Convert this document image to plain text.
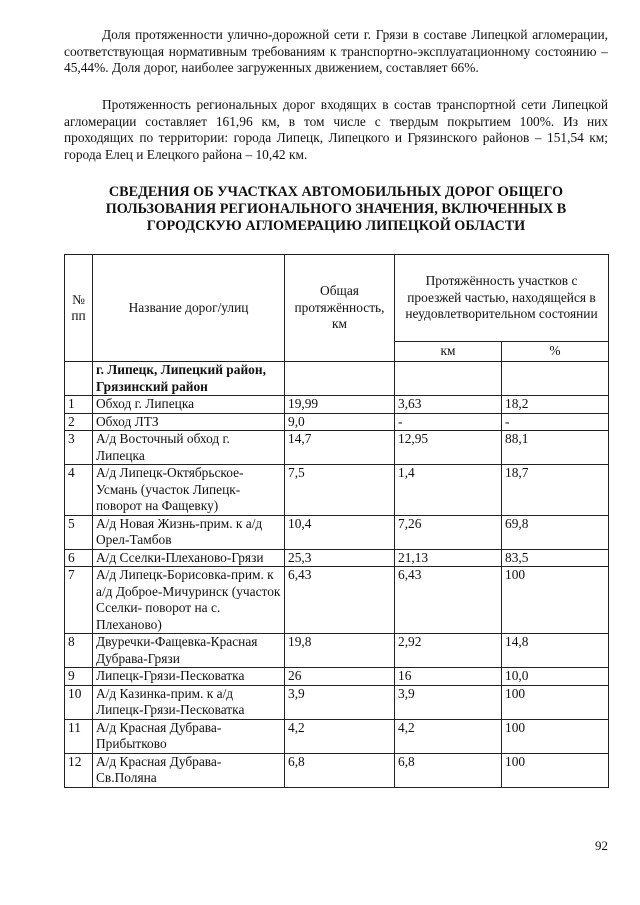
Доля протяженности улично-дорожной сети г. Грязи в составе Липецкой агломерации, соответствующая нормативным требованиям к транспортно-эксплуатационному состоянию – 45,44%. Доля дорог, наиболее загруженных движением, составляет 66%.

Протяженность региональных дорог входящих в состав транспортной сети Липецкой агломерации составляет 161,96 км, в том числе с твердым покрытием 100%. Из них проходящих по территории: города Липецк, Липецкого и Грязинского районов – 151,54 км; города Елец и Елецкого района – 10,42 км.

СВЕДЕНИЯ ОБ УЧАСТКАХ АВТОМОБИЛЬНЫХ ДОРОГ ОБЩЕГО ПОЛЬЗОВАНИЯ РЕГИОНАЛЬНОГО ЗНАЧЕНИЯ, ВКЛЮЧЕННЫХ В ГОРОДСКУЮ АГЛОМЕРАЦИЮ ЛИПЕЦКОЙ ОБЛАСТИ
№ пп	Название дорог/улиц	Общая протяжённость, км	Протяжённость участков с проезжей частью, находящейся в неудовлетворительном состоянии	
			км	%
	г. Липецк, Липецкий район, Грязинский район			
1	Обход г. Липецка	19,99	3,63	18,2
2	Обход ЛТЗ	9,0	-	-
3	А/д Восточный обход г. Липецка	14,7	12,95	88,1
4	А/д Липецк-Октябрьское-Усмань (участок Липецк-поворот на Фащевку)	7,5	1,4	18,7
5	А/д Новая Жизнь-прим. к а/д Орел-Тамбов	10,4	7,26	69,8
6	А/д Сселки-Плеханово-Грязи	25,3	21,13	83,5
7	А/д Липецк-Борисовка-прим. к а/д Доброе-Мичуринск (участок Сселки- поворот на с. Плеханово)	6,43	6,43	100
8	Двуречки-Фащевка-Красная Дубрава-Грязи	19,8	2,92	14,8
9	Липецк-Грязи-Песковатка	26	16	10,0
10	А/д Казинка-прим. к а/д Липецк-Грязи-Песковатка	3,9	3,9	100
11	А/д Красная Дубрава-Прибытково	4,2	4,2	100
12	А/д Красная Дубрава-Св.Поляна	6,8	6,8	100
92
